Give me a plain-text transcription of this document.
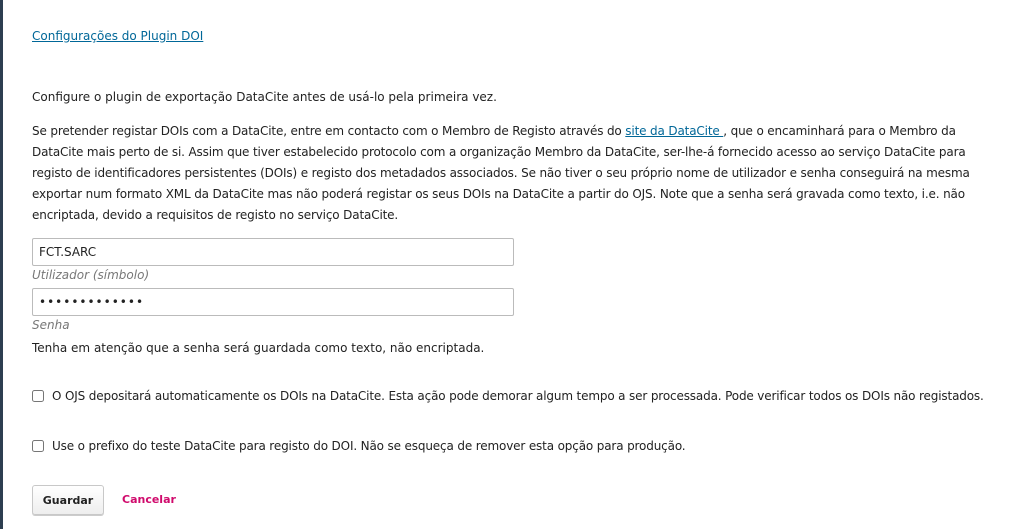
Configurações do Plugin DOI
Configure o plugin de exportação DataCite antes de usá-lo pela primeira vez.

Se pretender registar DOIs com a DataCite, entre em contacto com o Membro de Registo através do site da DataCite , que o encaminhará para o Membro da DataCite mais perto de si. Assim que tiver estabelecido protocolo com a organização Membro da DataCite, ser-lhe-á fornecido acesso ao serviço DataCite para registo de identificadores persistentes (DOIs) e registo dos metadados associados. Se não tiver o seu próprio nome de utilizador e senha conseguirá na mesma exportar num formato XML da DataCite mas não poderá registar os seus DOIs na DataCite a partir do OJS. Note que a senha será gravada como texto, i.e. não encriptada, devido a requisitos de registo no serviço DataCite.

FCT.SARC
Utilizador (símbolo)
•••••••••••••
Senha
Tenha em atenção que a senha será guardada como texto, não encriptada.
O OJS depositará automaticamente os DOIs na DataCite. Esta ação pode demorar algum tempo a ser processada. Pode verificar todos os DOIs não registados.
Use o prefixo do teste DataCite para registo do DOI. Não se esqueça de remover esta opção para produção.
Guardar	Cancelar
